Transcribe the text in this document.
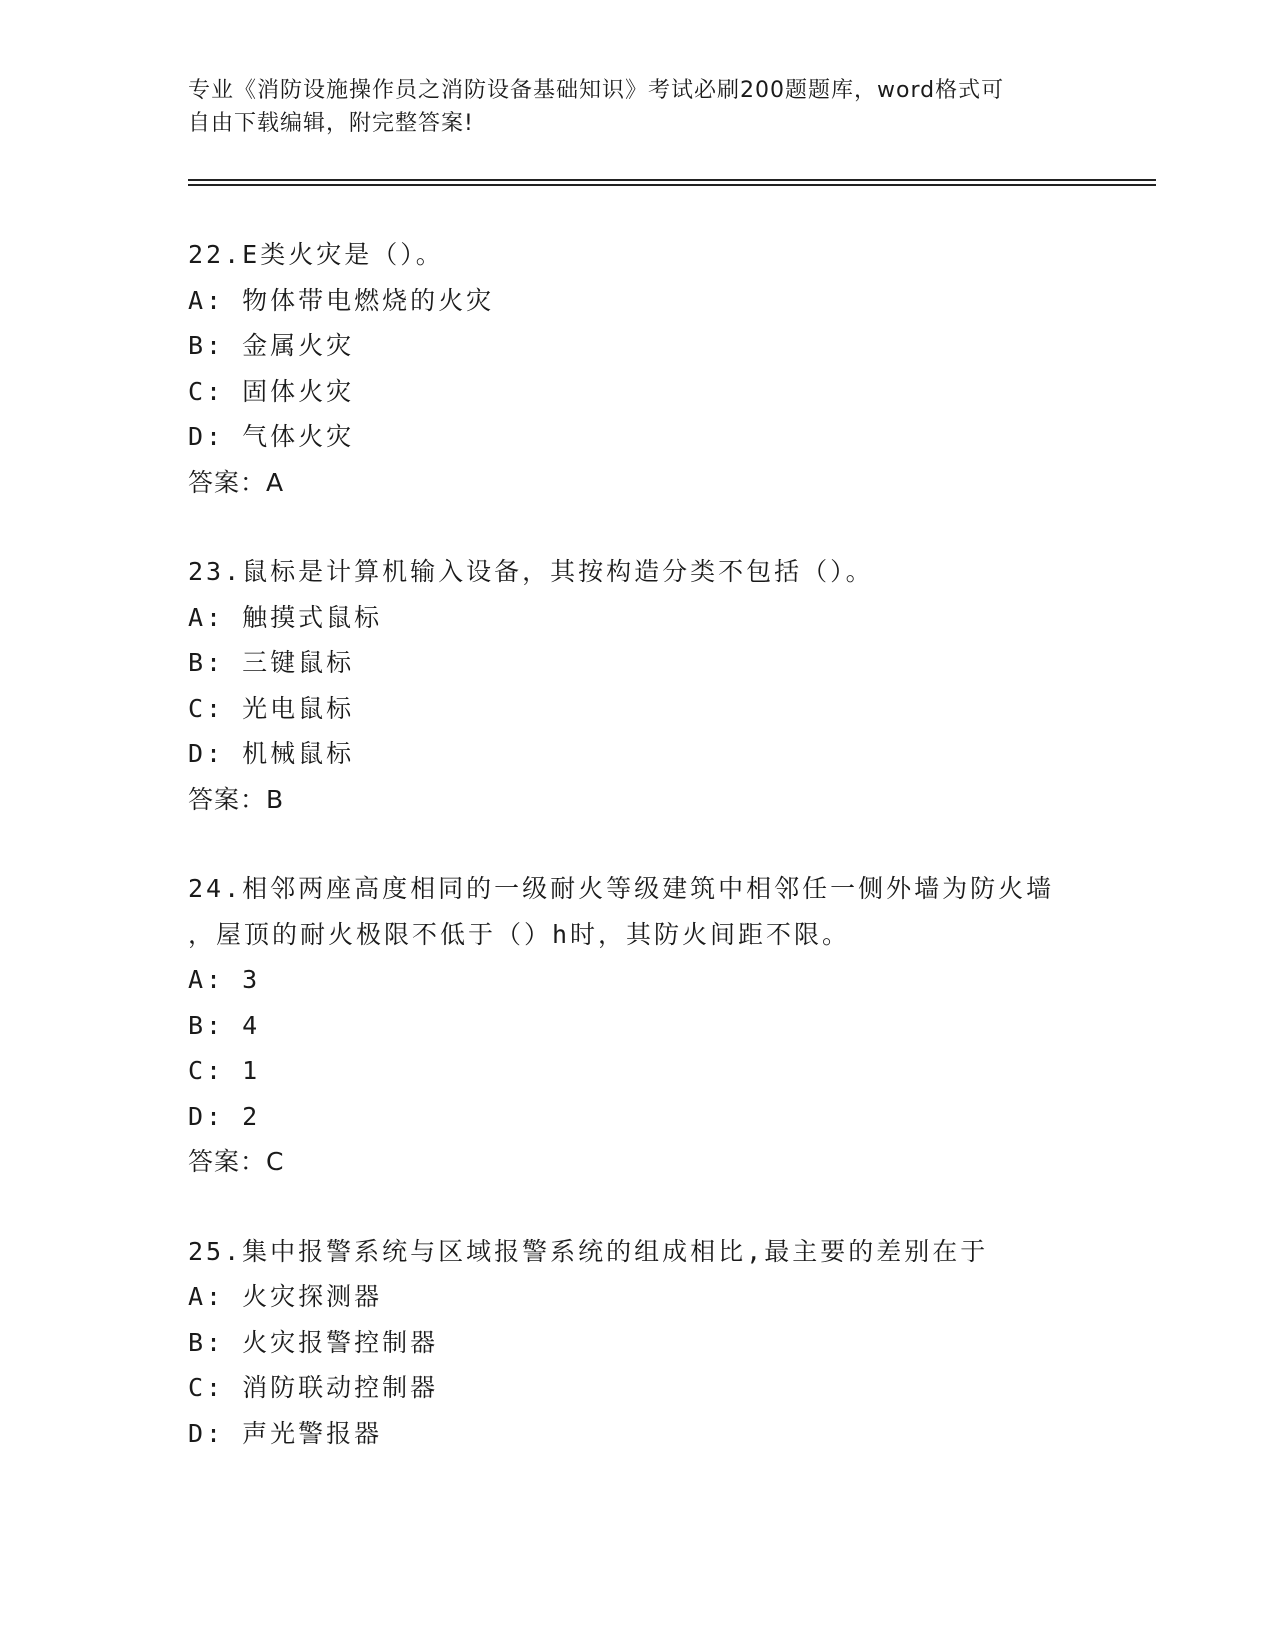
专业《消防设施操作员之消防设备基础知识》考试必刷200题题库，word格式可
自由下载编辑，附完整答案!
22.E类火灾是（）。
A: 物体带电燃烧的火灾
B: 金属火灾
C: 固体火灾
D: 气体火灾
答案：A
23.鼠标是计算机输入设备，其按构造分类不包括（）。
A: 触摸式鼠标
B: 三键鼠标
C: 光电鼠标
D: 机械鼠标
答案：B
24.相邻两座高度相同的一级耐火等级建筑中相邻任一侧外墙为防火墙
，屋顶的耐火极限不低于（）h时，其防火间距不限。
A: 3
B: 4
C: 1
D: 2
答案：C
25.集中报警系统与区域报警系统的组成相比,最主要的差别在于
A: 火灾探测器
B: 火灾报警控制器
C: 消防联动控制器
D: 声光警报器
